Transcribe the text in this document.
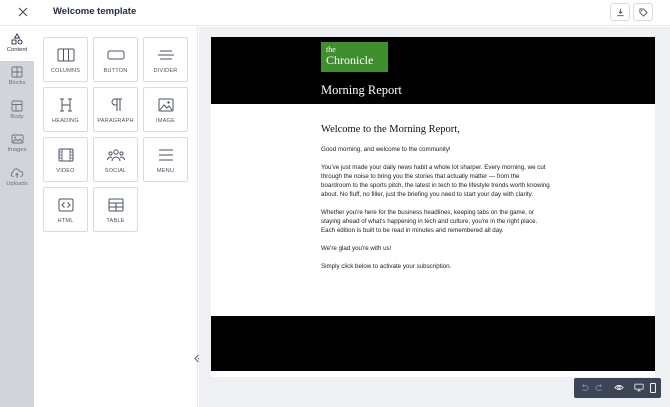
Welcome template
Content
Blocks
Body
Images
Uploads
COLUMNS	BUTTON	DIVIDER
HEADING	PARAGRAPH	IMAGE
VIDEO	SOCIAL	MENU
HTML	TABLE
the
Chronicle
Morning Report
Welcome to the Morning Report,

Good morning, and welcome to the community!

You've just made your daily news habit a whole lot sharper. Every morning, we cut through the noise to bring you the stories that actually matter — from the boardroom to the sports pitch, the latest in tech to the lifestyle trends worth knowing about. No fluff, no filler, just the briefing you need to start your day with clarity.

Whether you're here for the business headlines, keeping tabs on the game, or staying ahead of what's happening in tech and culture, you're in the right place. Each edition is built to be read in minutes and remembered all day.

We're glad you're with us!

Simply click below to activate your subscription.
